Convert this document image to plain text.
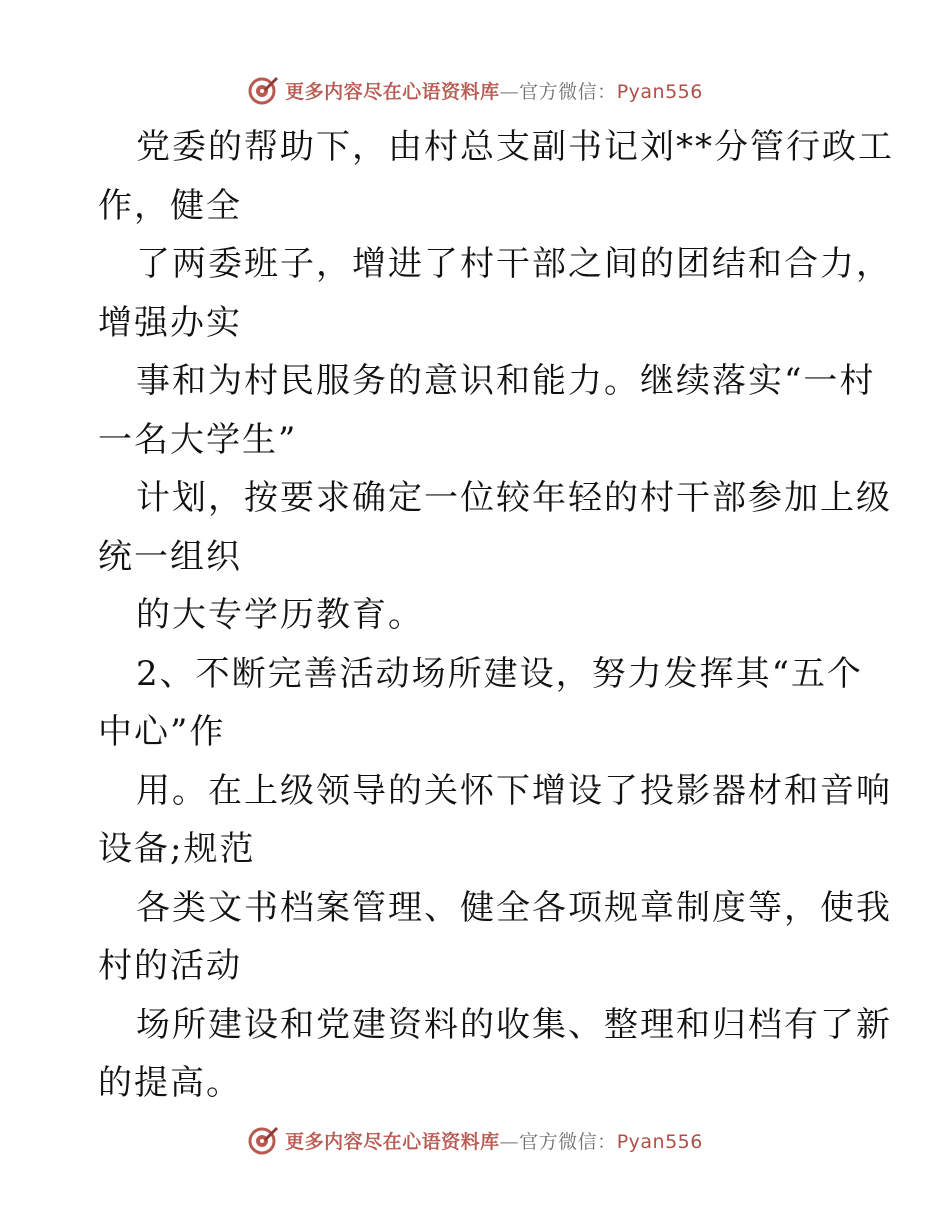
更多内容尽在心语资料库—官方微信：Pyan556
党委的帮助下，由村总支副书记刘**分管行政工
作，健全
了两委班子，增进了村干部之间的团结和合力，
增强办实
事和为村民服务的意识和能力。继续落实“一村
一名大学生”
计划，按要求确定一位较年轻的村干部参加上级
统一组织
的大专学历教育。
2、不断完善活动场所建设，努力发挥其“五个
中心”作
用。在上级领导的关怀下增设了投影器材和音响
设备;规范
各类文书档案管理、健全各项规章制度等，使我
村的活动
场所建设和党建资料的收集、整理和归档有了新
的提高。
更多内容尽在心语资料库—官方微信：Pyan556
